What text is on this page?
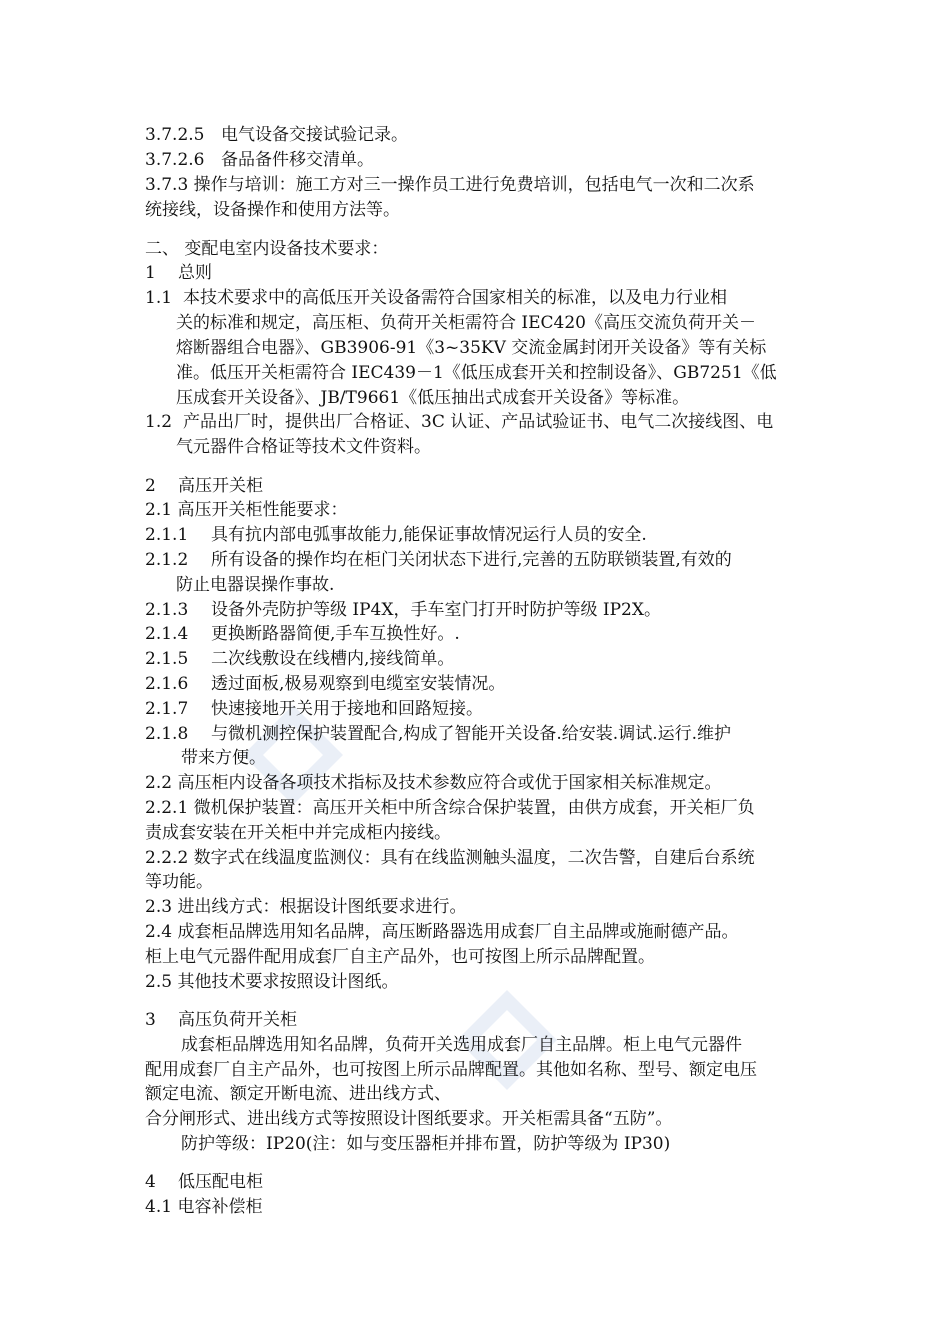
3.7.2.5 电气设备交接试验记录。
3.7.2.6 备品备件移交清单。
3.7.3 操作与培训：施工方对三一操作员工进行免费培训，包括电气一次和二次系
统接线，设备操作和使用方法等。
二、 变配电室内设备技术要求：
1 总则
1.1 本技术要求中的高低压开关设备需符合国家相关的标准，以及电力行业相
关的标准和规定，高压柜、负荷开关柜需符合 IEC420《高压交流负荷开关－
熔断器组合电器》、GB3906-91《3~35KV 交流金属封闭开关设备》等有关标
准。低压开关柜需符合 IEC439－1《低压成套开关和控制设备》、GB7251《低
压成套开关设备》、JB/T9661《低压抽出式成套开关设备》等标准。
1.2 产品出厂时，提供出厂合格证、3C 认证、产品试验证书、电气二次接线图、电
气元器件合格证等技术文件资料。
2 高压开关柜
2.1 高压开关柜性能要求：
2.1.1 具有抗内部电弧事故能力,能保证事故情况运行人员的安全.
2.1.2 所有设备的操作均在柜门关闭状态下进行,完善的五防联锁装置,有效的
防止电器误操作事故.
2.1.3 设备外壳防护等级 IP4X，手车室门打开时防护等级 IP2X。
2.1.4 更换断路器简便,手车互换性好。.
2.1.5 二次线敷设在线槽内,接线简单。
2.1.6 透过面板,极易观察到电缆室安装情况。
2.1.7 快速接地开关用于接地和回路短接。
2.1.8 与微机测控保护装置配合,构成了智能开关设备.给安装.调试.运行.维护
带来方便。
2.2 高压柜内设备各项技术指标及技术参数应符合或优于国家相关标准规定。
2.2.1 微机保护装置：高压开关柜中所含综合保护装置，由供方成套，开关柜厂负
责成套安装在开关柜中并完成柜内接线。
2.2.2 数字式在线温度监测仪：具有在线监测触头温度，二次告警，自建后台系统
等功能。
2.3 进出线方式：根据设计图纸要求进行。
2.4 成套柜品牌选用知名品牌，高压断路器选用成套厂自主品牌或施耐德产品。
柜上电气元器件配用成套厂自主产品外，也可按图上所示品牌配置。
2.5 其他技术要求按照设计图纸。
3 高压负荷开关柜
成套柜品牌选用知名品牌，负荷开关选用成套厂自主品牌。柜上电气元器件
配用成套厂自主产品外，也可按图上所示品牌配置。其他如名称、型号、额定电压
额定电流、额定开断电流、进出线方式、
合分闸形式、进出线方式等按照设计图纸要求。开关柜需具备“五防”。
防护等级：IP20(注：如与变压器柜并排布置，防护等级为 IP30)
4 低压配电柜
4.1 电容补偿柜
